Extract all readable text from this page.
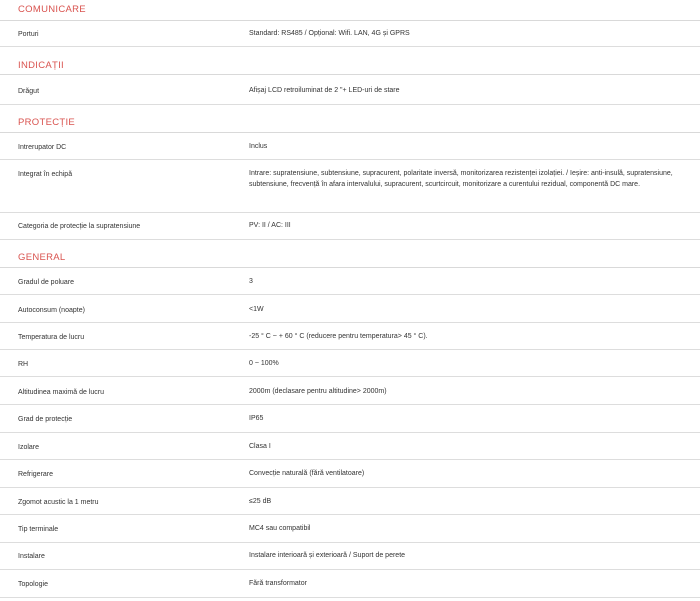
COMUNICARE
Porturi	Standard: RS485 / Opțional: Wifi. LAN, 4G și GPRS
INDICAȚII
Drăgut	Afișaj LCD retroiluminat de 2 "+ LED-uri de stare
PROTECȚIE
Intrerupator DC	Inclus
Integrat în echipă	Intrare: supratensiune, subtensiune, supracurent, polaritate inversă, monitorizarea rezistenței izolației. / Ieșire: anti-insulă, supratensiune, subtensiune, frecvență în afara intervalului, supracurent, scurtcircuit, monitorizare a curentului rezidual, componentă DC mare.
Categoria de protecție la supratensiune	PV: II / AC: III
GENERAL
Gradul de poluare	3
Autoconsum (noapte)	<1W
Temperatura de lucru	-25 ° C ~ + 60 ° C (reducere pentru temperatura> 45 ° C).
RH	0 ~ 100%
Altitudinea maximă de lucru	2000m (declasare pentru altitudine> 2000m)
Grad de protecție	IP65
Izolare	Clasa I
Refrigerare	Convecție naturală (fără ventilatoare)
Zgomot acustic la 1 metru	≤25 dB
Tip terminale	MC4 sau compatibil
Instalare	Instalare interioară și exterioară / Suport de perete
Topologie	Fără transformator
